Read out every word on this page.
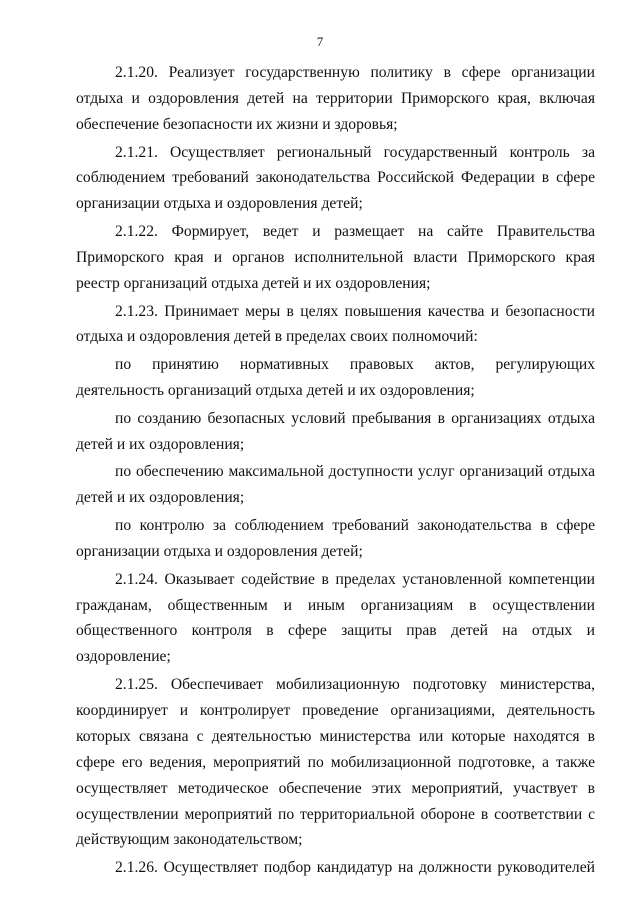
7

2.1.20. Реализует государственную политику в сфере организации отдыха и оздоровления детей на территории Приморского края, включая обеспечение безопасности их жизни и здоровья;

2.1.21. Осуществляет региональный государственный контроль за соблюдением требований законодательства Российской Федерации в сфере организации отдыха и оздоровления детей;

2.1.22. Формирует, ведет и размещает на сайте Правительства Приморского края и органов исполнительной власти Приморского края реестр организаций отдыха детей и их оздоровления;

2.1.23. Принимает меры в целях повышения качества и безопасности отдыха и оздоровления детей в пределах своих полномочий:

по принятию нормативных правовых актов, регулирующих деятельность организаций отдыха детей и их оздоровления;

по созданию безопасных условий пребывания в организациях отдыха детей и их оздоровления;

по обеспечению максимальной доступности услуг организаций отдыха детей и их оздоровления;

по контролю за соблюдением требований законодательства в сфере организации отдыха и оздоровления детей;

2.1.24. Оказывает содействие в пределах установленной компетенции гражданам, общественным и иным организациям в осуществлении общественного контроля в сфере защиты прав детей на отдых и оздоровление;

2.1.25. Обеспечивает мобилизационную подготовку министерства, координирует и контролирует проведение организациями, деятельность которых связана с деятельностью министерства или которые находятся в сфере его ведения, мероприятий по мобилизационной подготовке, а также осуществляет методическое обеспечение этих мероприятий, участвует в осуществлении мероприятий по территориальной обороне в соответствии с действующим законодательством;

2.1.26. Осуществляет подбор кандидатур на должности руководителей
